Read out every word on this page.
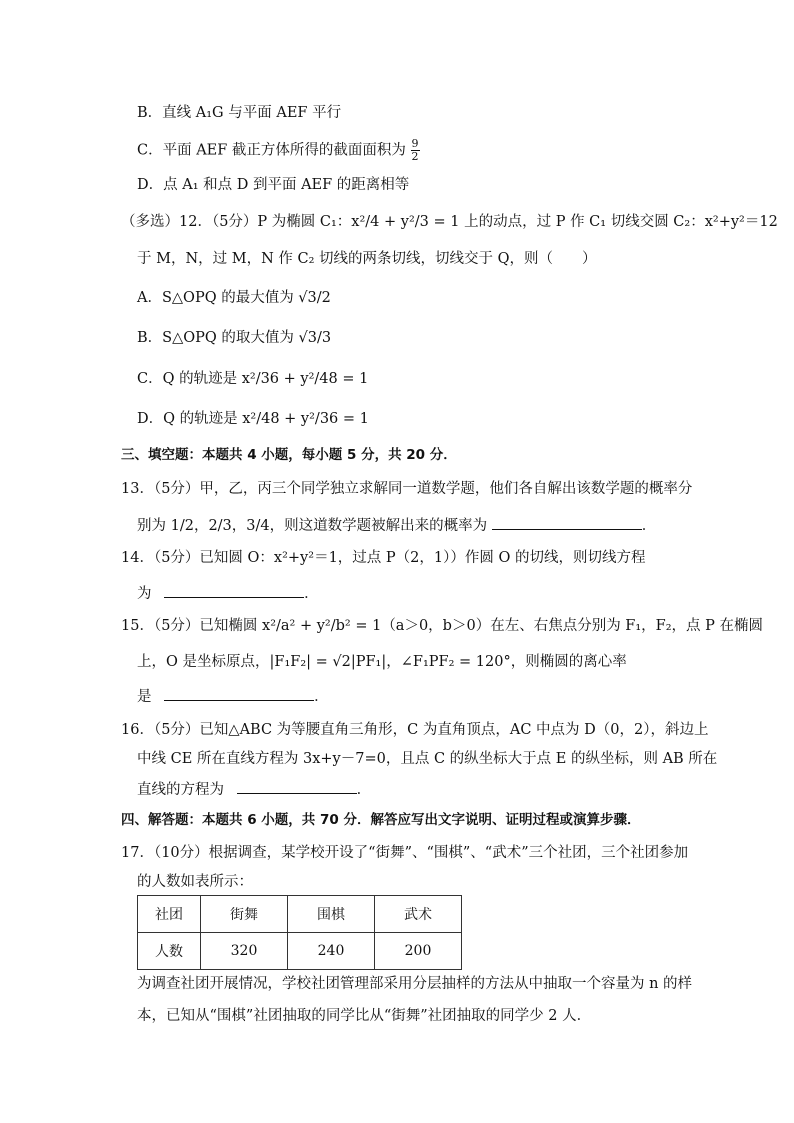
B．直线 A₁G 与平面 AEF 平行
C．平面 AEF 截正方体所得的截面面积为 $\frac{9}{2}$
D．点 A₁ 和点 D 到平面 AEF 的距离相等
（多选）12．（5分）P 为椭圆 C₁：x²/4 + y²/3 = 1 上的动点，过 P 作 C₁ 切线交圆 C₂：x²+y²＝12
于 M，N，过 M，N 作 C₂ 切线的两条切线，切线交于 Q，则（　　）
A．S△OPQ 的最大值为 √3/2
B．S△OPQ 的取大值为 √3/3
C．Q 的轨迹是 x²/36 + y²/48 = 1
D．Q 的轨迹是 x²/48 + y²/36 = 1
三、填空题：本题共 4 小题，每小题 5 分，共 20 分．
13．（5分）甲，乙，丙三个同学独立求解同一道数学题，他们各自解出该数学题的概率分
别为 1/2，2/3，3/4，则这道数学题被解出来的概率为	．
14．（5分）已知圆 O：x²+y²＝1，过点 P（2，1））作圆 O 的切线，则切线方程
为	．
15．（5分）已知椭圆 x²/a² + y²/b² = 1（a＞0，b＞0）在左、右焦点分别为 F₁，F₂，点 P 在椭圆
上，O 是坐标原点，|F₁F₂| = √2|PF₁|，∠F₁PF₂ = 120°，则椭圆的离心率
是	．
16．（5分）已知△ABC 为等腰直角三角形，C 为直角顶点，AC 中点为 D（0，2），斜边上
中线 CE 所在直线方程为 3x+y－7=0，且点 C 的纵坐标大于点 E 的纵坐标，则 AB 所在
直线的方程为	．
四、解答题：本题共 6 小题，共 70 分．解答应写出文字说明、证明过程或演算步骤．
17．（10分）根据调查，某学校开设了“街舞”、“围棋”、“武术”三个社团，三个社团参加
的人数如表所示：
社团	街舞	围棋	武术
人数	320	240	200
为调查社团开展情况，学校社团管理部采用分层抽样的方法从中抽取一个容量为 n 的样
本，已知从“围棋”社团抽取的同学比从“街舞”社团抽取的同学少 2 人．
